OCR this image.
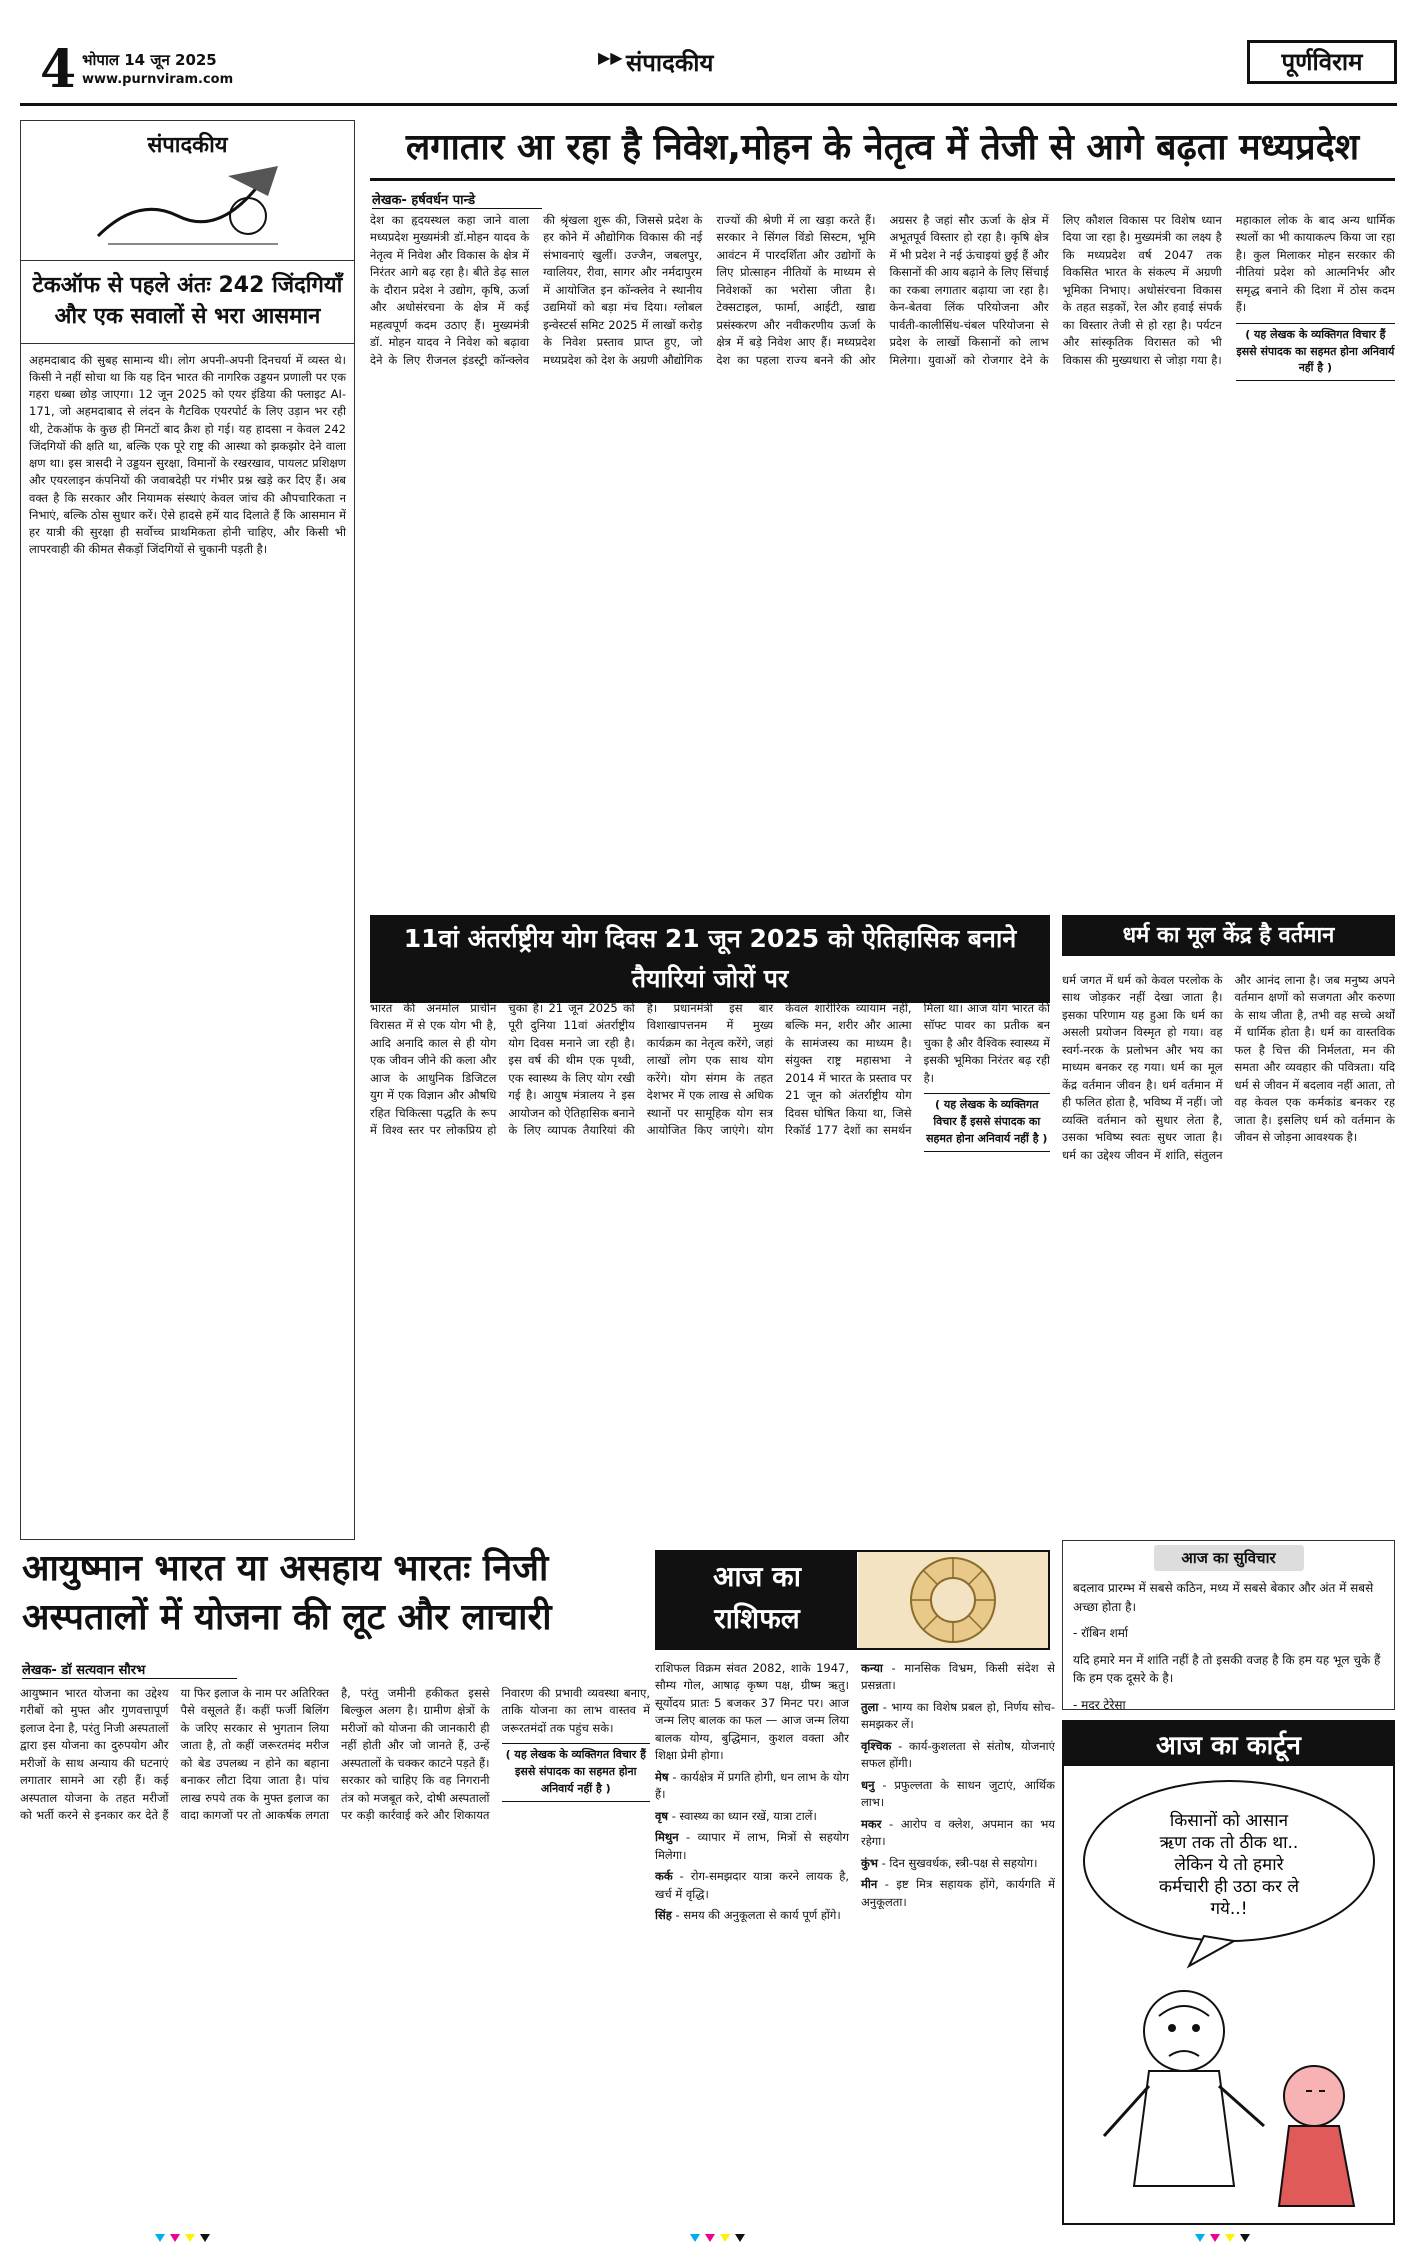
4 भोपाल 14 जून 2025
www.purnviram.com
▶▶ संपादकीय	पूर्णविराम
संपादकीय
टेकऑफ से पहले अंतः 242 जिंदगियाँ और एक सवालों से भरा आसमान
अहमदाबाद की सुबह सामान्य थी। लोग अपनी-अपनी दिनचर्या में व्यस्त थे। किसी ने नहीं सोचा था कि यह दिन भारत की नागरिक उड्डयन प्रणाली पर एक गहरा धब्बा छोड़ जाएगा। 12 जून 2025 को एयर इंडिया की फ्लाइट AI-171, जो अहमदाबाद से लंदन के गैटविक एयरपोर्ट के लिए उड़ान भर रही थी, टेकऑफ के कुछ ही मिनटों बाद क्रैश हो गई। यह हादसा न केवल 242 जिंदगियों की क्षति था, बल्कि एक पूरे राष्ट्र की आस्था को झकझोर देने वाला क्षण था। इस त्रासदी ने उड्डयन सुरक्षा, विमानों के रखरखाव, पायलट प्रशिक्षण और एयरलाइन कंपनियों की जवाबदेही पर गंभीर प्रश्न खड़े कर दिए हैं। अब वक्त है कि सरकार और नियामक संस्थाएं केवल जांच की औपचारिकता न निभाएं, बल्कि ठोस सुधार करें। ऐसे हादसे हमें याद दिलाते हैं कि आसमान में हर यात्री की सुरक्षा ही सर्वोच्च प्राथमिकता होनी चाहिए, और किसी भी लापरवाही की कीमत सैकड़ों जिंदगियों से चुकानी पड़ती है।
लगातार आ रहा है निवेश,मोहन के नेतृत्व में तेजी से आगे बढ़ता मध्यप्रदेश
लेखक- हर्षवर्धन पान्डे

देश का हृदयस्थल कहा जाने वाला मध्यप्रदेश मुख्यमंत्री डॉ.मोहन यादव के नेतृत्व में निवेश और विकास के क्षेत्र में निरंतर आगे बढ़ रहा है। बीते डेढ़ साल के दौरान प्रदेश ने उद्योग, कृषि, ऊर्जा और अधोसंरचना के क्षेत्र में कई महत्वपूर्ण कदम उठाए हैं। मुख्यमंत्री डॉ. मोहन यादव ने निवेश को बढ़ावा देने के लिए रीजनल इंडस्ट्री कॉन्क्लेव की श्रृंखला शुरू की, जिससे प्रदेश के हर कोने में औद्योगिक विकास की नई संभावनाएं खुलीं। उज्जैन, जबलपुर, ग्वालियर, रीवा, सागर और नर्मदापुरम में आयोजित इन कॉन्क्लेव ने स्थानीय उद्यमियों को बड़ा मंच दिया। ग्लोबल इन्वेस्टर्स समिट 2025 में लाखों करोड़ के निवेश प्रस्ताव प्राप्त हुए, जो मध्यप्रदेश को देश के अग्रणी औद्योगिक राज्यों की श्रेणी में ला खड़ा करते हैं। सरकार ने सिंगल विंडो सिस्टम, भूमि आवंटन में पारदर्शिता और उद्योगों के लिए प्रोत्साहन नीतियों के माध्यम से निवेशकों का भरोसा जीता है। टेक्सटाइल, फार्मा, आईटी, खाद्य प्रसंस्करण और नवीकरणीय ऊर्जा के क्षेत्र में बड़े निवेश आए हैं। मध्यप्रदेश देश का पहला राज्य बनने की ओर अग्रसर है जहां सौर ऊर्जा के क्षेत्र में अभूतपूर्व विस्तार हो रहा है। कृषि क्षेत्र में भी प्रदेश ने नई ऊंचाइयां छुई हैं और किसानों की आय बढ़ाने के लिए सिंचाई का रकबा लगातार बढ़ाया जा रहा है। केन-बेतवा लिंक परियोजना और पार्वती-कालीसिंध-चंबल परियोजना से प्रदेश के लाखों किसानों को लाभ मिलेगा। युवाओं को रोजगार देने के लिए कौशल विकास पर विशेष ध्यान दिया जा रहा है। मुख्यमंत्री का लक्ष्य है कि मध्यप्रदेश वर्ष 2047 तक विकसित भारत के संकल्प में अग्रणी भूमिका निभाए। अधोसंरचना विकास के तहत सड़कों, रेल और हवाई संपर्क का विस्तार तेजी से हो रहा है। पर्यटन और सांस्कृतिक विरासत को भी विकास की मुख्यधारा से जोड़ा गया है। महाकाल लोक के बाद अन्य धार्मिक स्थलों का भी कायाकल्प किया जा रहा है। कुल मिलाकर मोहन सरकार की नीतियां प्रदेश को आत्मनिर्भर और समृद्ध बनाने की दिशा में ठोस कदम हैं।

( यह लेखक के व्यक्तिगत विचार हैं इससे संपादक का सहमत होना अनिवार्य नहीं है )
11वां अंतर्राष्ट्रीय योग दिवस 21 जून 2025 को ऐतिहासिक बनाने तैयारियां जोरों पर
लेखक- किशन भावनानी

भारत की अनमोल प्राचीन विरासत में से एक योग भी है, आदि अनादि काल से ही योग एक जीवन जीने की कला और आज के आधुनिक डिजिटल युग में एक विज्ञान और औषधि रहित चिकित्सा पद्धति के रूप में विश्व स्तर पर लोकप्रिय हो चुका है। 21 जून 2025 को पूरी दुनिया 11वां अंतर्राष्ट्रीय योग दिवस मनाने जा रही है। इस वर्ष की थीम एक पृथ्वी, एक स्वास्थ्य के लिए योग रखी गई है। आयुष मंत्रालय ने इस आयोजन को ऐतिहासिक बनाने के लिए व्यापक तैयारियां की हैं। प्रधानमंत्री इस बार विशाखापत्तनम में मुख्य कार्यक्रम का नेतृत्व करेंगे, जहां लाखों लोग एक साथ योग करेंगे। योग संगम के तहत देशभर में एक लाख से अधिक स्थानों पर सामूहिक योग सत्र आयोजित किए जाएंगे। योग केवल शारीरिक व्यायाम नहीं, बल्कि मन, शरीर और आत्मा के सामंजस्य का माध्यम है। संयुक्त राष्ट्र महासभा ने 2014 में भारत के प्रस्ताव पर 21 जून को अंतर्राष्ट्रीय योग दिवस घोषित किया था, जिसे रिकॉर्ड 177 देशों का समर्थन मिला था। आज योग भारत की सॉफ्ट पावर का प्रतीक बन चुका है और वैश्विक स्वास्थ्य में इसकी भूमिका निरंतर बढ़ रही है।

( यह लेखक के व्यक्तिगत विचार हैं इससे संपादक का सहमत होना अनिवार्य नहीं है )
धर्म का मूल केंद्र है वर्तमान
धर्म जगत में धर्म को केवल परलोक के साथ जोड़कर नहीं देखा जाता है। इसका परिणाम यह हुआ कि धर्म का असली प्रयोजन विस्मृत हो गया। वह स्वर्ग-नरक के प्रलोभन और भय का माध्यम बनकर रह गया। धर्म का मूल केंद्र वर्तमान जीवन है। धर्म वर्तमान में ही फलित होता है, भविष्य में नहीं। जो व्यक्ति वर्तमान को सुधार लेता है, उसका भविष्य स्वतः सुधर जाता है। धर्म का उद्देश्य जीवन में शांति, संतुलन और आनंद लाना है। जब मनुष्य अपने वर्तमान क्षणों को सजगता और करुणा के साथ जीता है, तभी वह सच्चे अर्थों में धार्मिक होता है। धर्म का वास्तविक फल है चित्त की निर्मलता, मन की समता और व्यवहार की पवित्रता। यदि धर्म से जीवन में बदलाव नहीं आता, तो वह केवल एक कर्मकांड बनकर रह जाता है। इसलिए धर्म को वर्तमान के जीवन से जोड़ना आवश्यक है।
आज का सुविचार
बदलाव प्रारम्भ में सबसे कठिन, मध्य में सबसे बेकार और अंत में सबसे अच्छा होता है।
- रॉबिन शर्मा
यदि हमारे मन में शांति नहीं है तो इसकी वजह है कि हम यह भूल चुके हैं कि हम एक दूसरे के है।
- मदर टेरेसा
आज का कार्टून
किसानों को आसान
ऋण तक तो ठीक था..
लेकिन ये तो हमारे
कर्मचारी ही उठा कर ले
गये..!
आयुष्मान भारत या असहाय भारतः निजी अस्पतालों में योजना की लूट और लाचारी
लेखक- डॉ सत्यवान सौरभ

आयुष्मान भारत योजना का उद्देश्य गरीबों को मुफ्त और गुणवत्तापूर्ण इलाज देना है, परंतु निजी अस्पतालों द्वारा इस योजना का दुरुपयोग और मरीजों के साथ अन्याय की घटनाएं लगातार सामने आ रही हैं। कई अस्पताल योजना के तहत मरीजों को भर्ती करने से इनकार कर देते हैं या फिर इलाज के नाम पर अतिरिक्त पैसे वसूलते हैं। कहीं फर्जी बिलिंग के जरिए सरकार से भुगतान लिया जाता है, तो कहीं जरूरतमंद मरीज को बेड उपलब्ध न होने का बहाना बनाकर लौटा दिया जाता है। पांच लाख रुपये तक के मुफ्त इलाज का वादा कागजों पर तो आकर्षक लगता है, परंतु जमीनी हकीकत इससे बिल्कुल अलग है। ग्रामीण क्षेत्रों के मरीजों को योजना की जानकारी ही नहीं होती और जो जानते हैं, उन्हें अस्पतालों के चक्कर काटने पड़ते हैं। सरकार को चाहिए कि वह निगरानी तंत्र को मजबूत करे, दोषी अस्पतालों पर कड़ी कार्रवाई करे और शिकायत निवारण की प्रभावी व्यवस्था बनाए, ताकि योजना का लाभ वास्तव में जरूरतमंदों तक पहुंच सके।

( यह लेखक के व्यक्तिगत विचार हैं इससे संपादक का सहमत होना अनिवार्य नहीं है )
आज का
राशिफल
राशिफल विक्रम संवत 2082, शाके 1947, सौम्य गोल, आषाढ़ कृष्ण पक्ष, ग्रीष्म ऋतु। सूर्योदय प्रातः 5 बजकर 37 मिनट पर। आज जन्म लिए बालक का फल — आज जन्म लिया बालक योग्य, बुद्धिमान, कुशल वक्ता और शिक्षा प्रेमी होगा।
मेष - कार्यक्षेत्र में प्रगति होगी, धन लाभ के योग हैं।
वृष - स्वास्थ्य का ध्यान रखें, यात्रा टालें।
मिथुन - व्यापार में लाभ, मित्रों से सहयोग मिलेगा।
कर्क - रोग-समझदार यात्रा करने लायक है, खर्च में वृद्धि।
सिंह - समय की अनुकूलता से कार्य पूर्ण होंगे।
कन्या - मानसिक विभ्रम, किसी संदेश से प्रसन्नता।
तुला - भाग्य का विशेष प्रबल हो, निर्णय सोच-समझकर लें।
वृश्चिक - कार्य-कुशलता से संतोष, योजनाएं सफल होंगी।
धनु - प्रफुल्लता के साधन जुटाएं, आर्थिक लाभ।
मकर - आरोप व क्लेश, अपमान का भय रहेगा।
कुंभ - दिन सुखवर्धक, स्त्री-पक्ष से सहयोग।
मीन - इष्ट मित्र सहायक होंगे, कार्यगति में अनुकूलता।
